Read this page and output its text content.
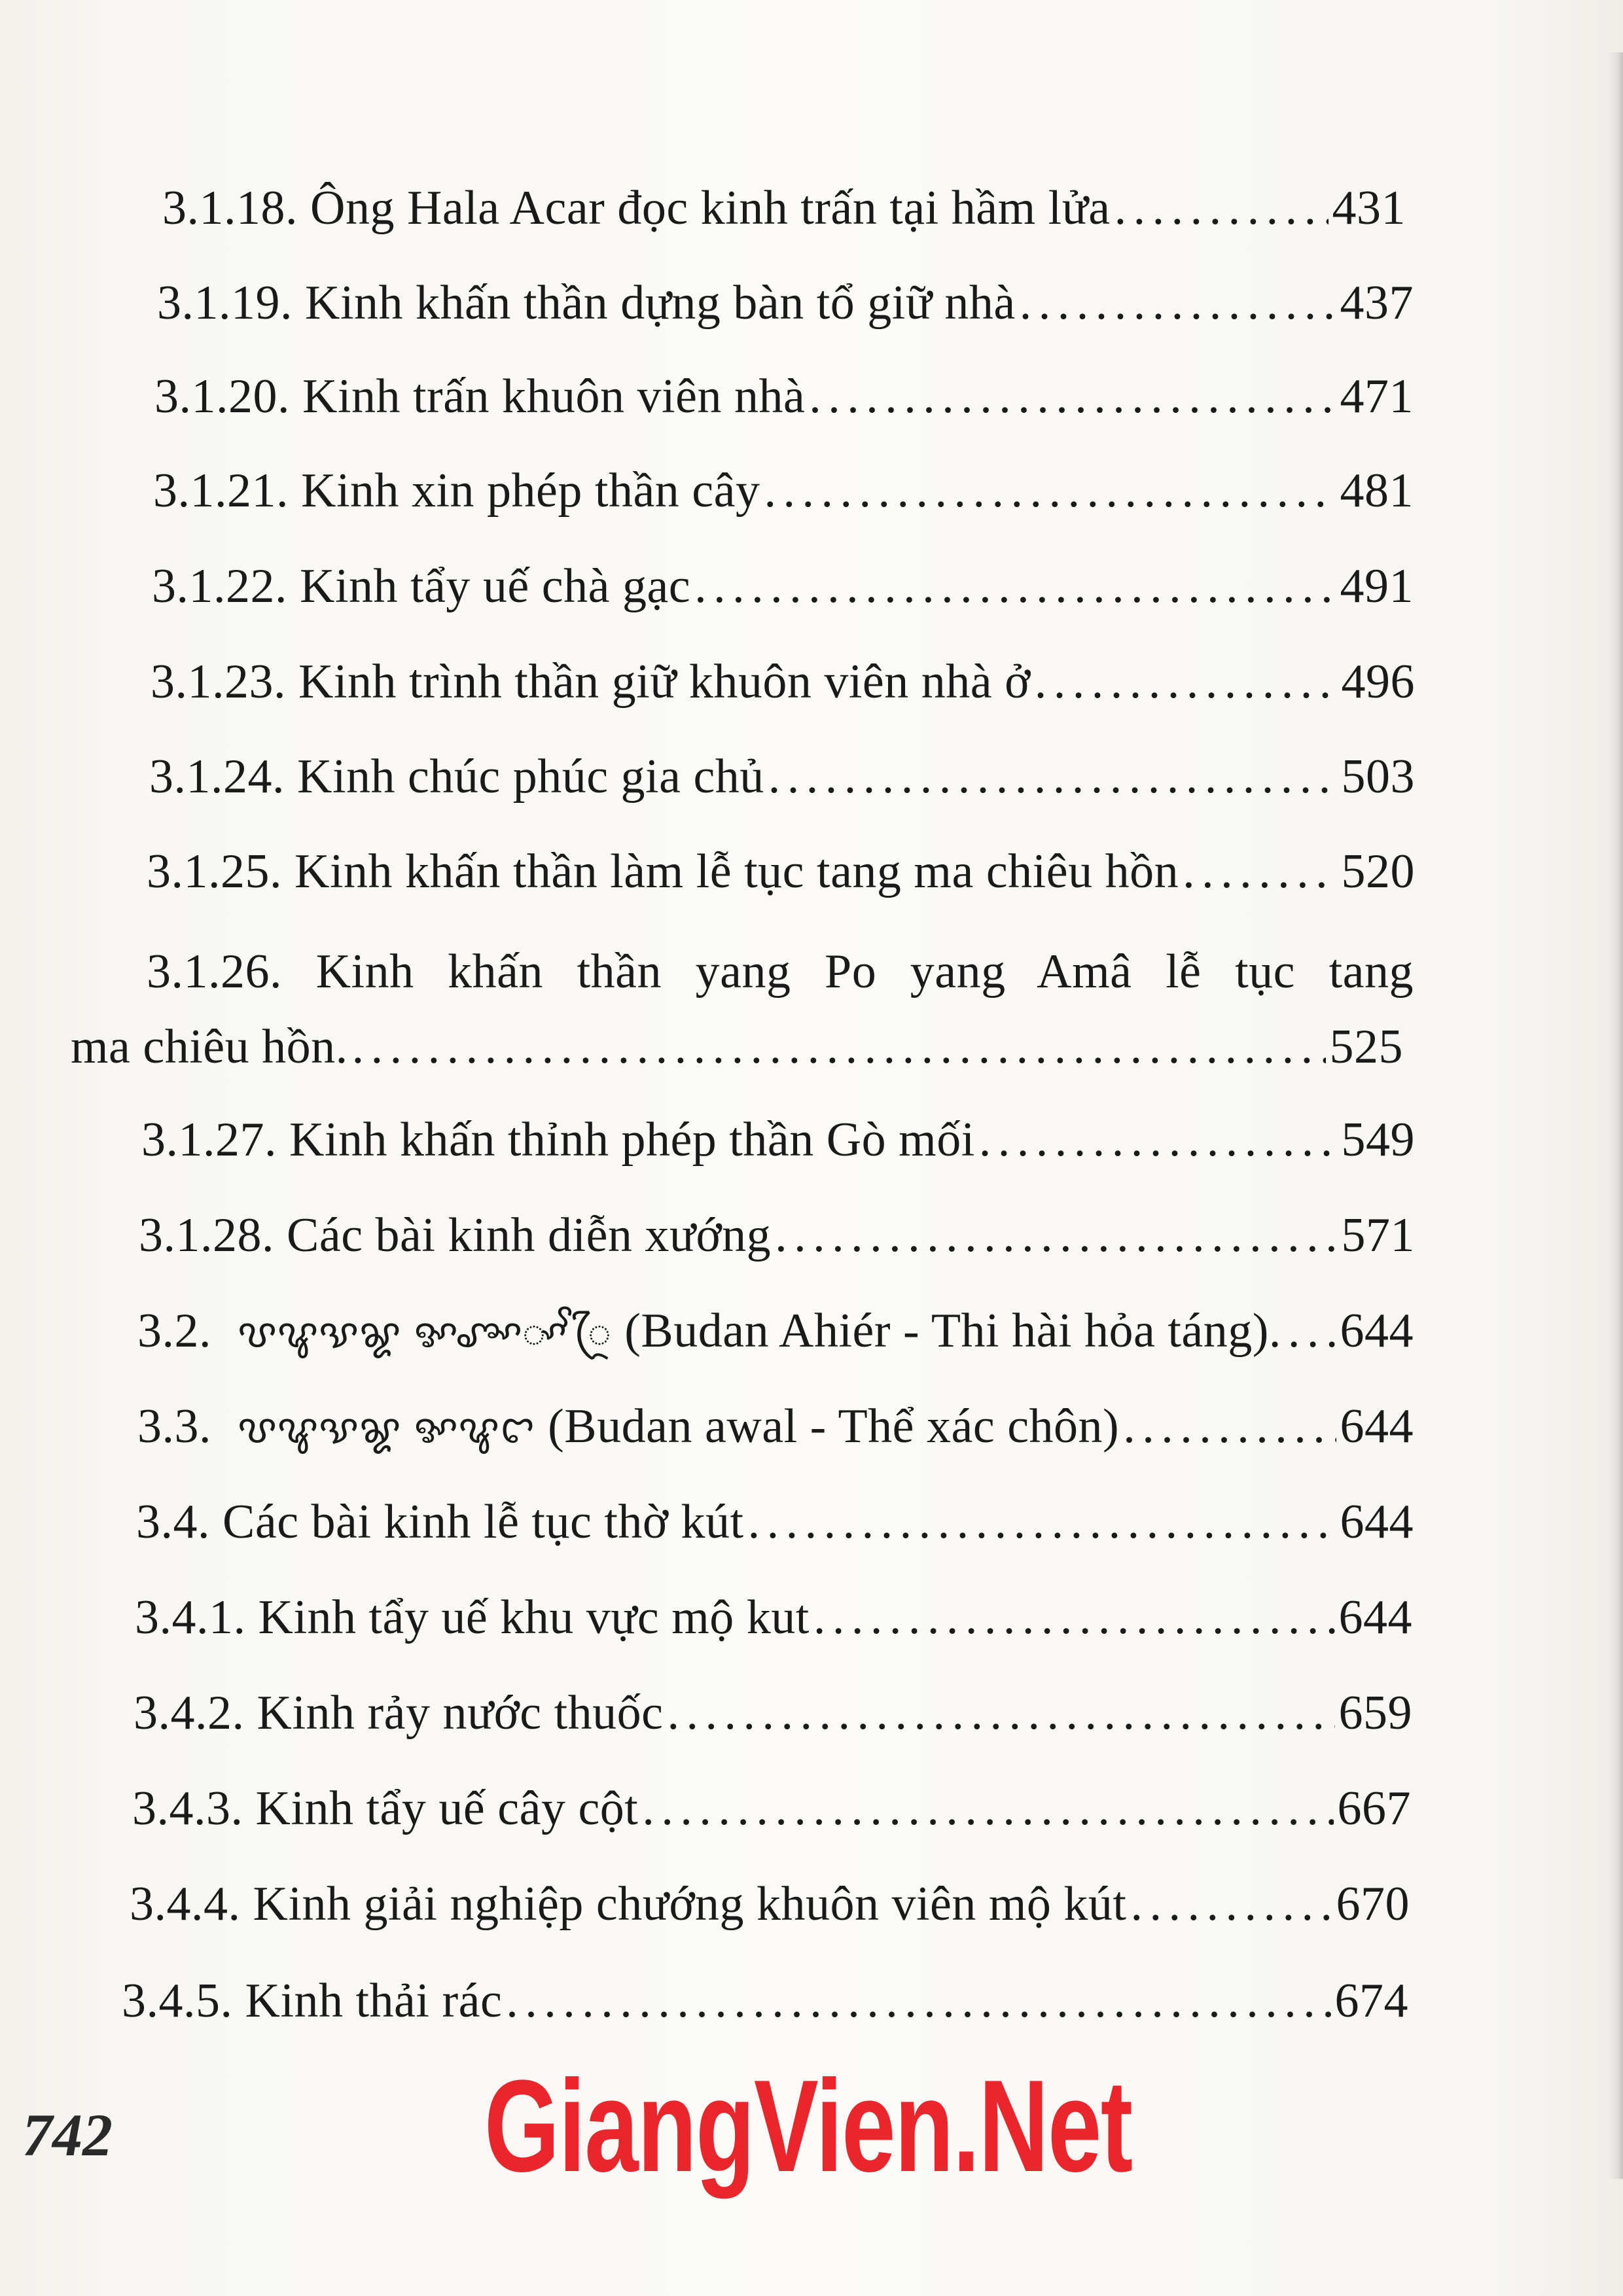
3.1.18. Ông Hala Acar đọc kinh trấn tại hầm lửa . . .	431
3.1.19. Kinh khấn thần dựng bàn tổ giữ nhà . . .	437
3.1.20. Kinh trấn khuôn viên nhà . . .	471
3.1.21. Kinh xin phép thần cây . . .	481
3.1.22. Kinh tẩy uế chà gạc . . .	491
3.1.23. Kinh trình thần giữ khuôn viên nhà ở . . .	496
3.1.24. Kinh chúc phúc gia chủ . . .	503
3.1.25. Kinh khấn thần làm lễ tục tang ma chiêu hồn . . .	520
3.1.26. Kinh khấn thần yang Po yang Amâ lễ tục tang
ma chiêu hồn. . . .	525
3.1.27. Kinh khấn thỉnh phép thần Gò mối . . .	549
3.1.28. Các bài kinh diễn xướng . . .	571
3.2. ꨝꨥꨕꨘ ꨀꨨꨳꨳꨩꨴ (Budan Ahiér - Thi hài hỏa táng) . . . 644
3.3. ꨝꨥꨕꨘ ꨀꨥꨤ (Budan awal - Thể xác chôn) . . .	644
3.4. Các bài kinh lễ tục thờ kút . . .	644
3.4.1. Kinh tẩy uế khu vực mộ kut . . .	644
3.4.2. Kinh rảy nước thuốc . . .	659
3.4.3. Kinh tẩy uế cây cột . . .	667
3.4.4. Kinh giải nghiệp chướng khuôn viên mộ kút . . .	670
3.4.5. Kinh thải rác . . .	674
742	GiangVien.Net
